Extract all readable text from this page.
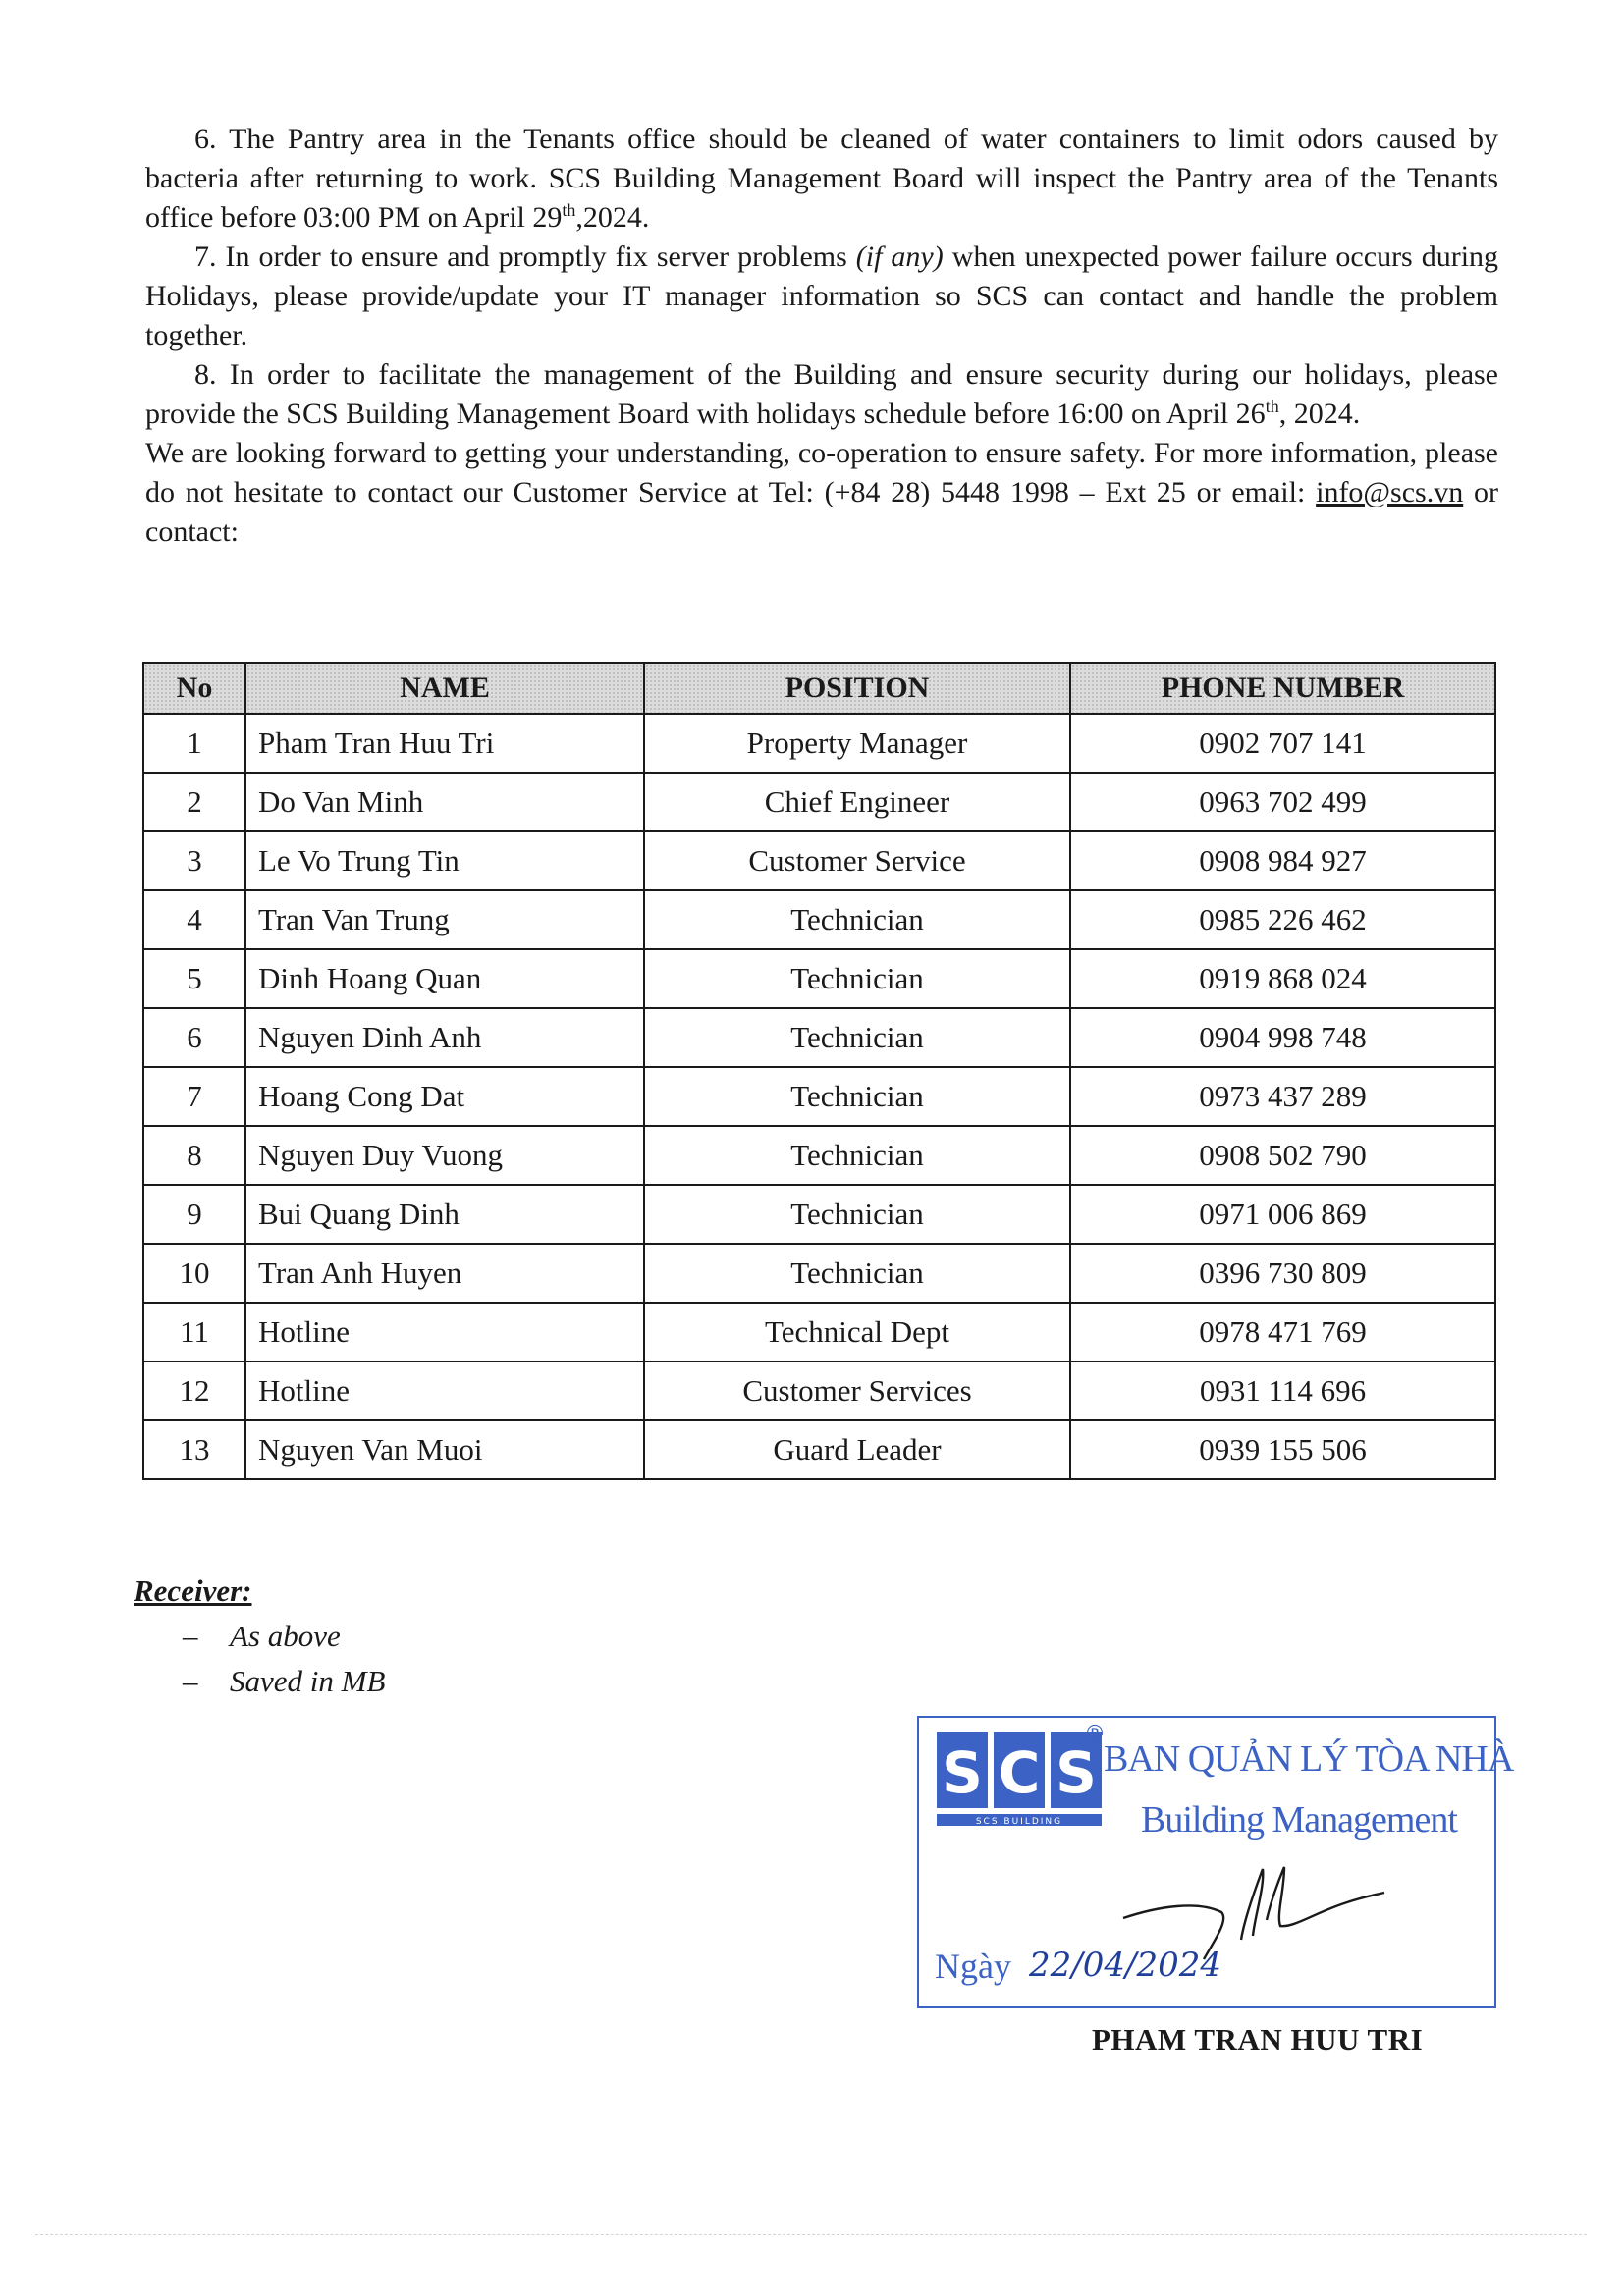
6. The Pantry area in the Tenants office should be cleaned of water containers to limit odors caused by bacteria after returning to work. SCS Building Management Board will inspect the Pantry area of the Tenants office before 03:00 PM on April 29th,2024.

7. In order to ensure and promptly fix server problems (if any) when unexpected power failure occurs during Holidays, please provide/update your IT manager information so SCS can contact and handle the problem together.

8. In order to facilitate the management of the Building and ensure security during our holidays, please provide the SCS Building Management Board with holidays schedule before 16:00 on April 26th, 2024.

We are looking forward to getting your understanding, co-operation to ensure safety. For more information, please do not hesitate to contact our Customer Service at Tel: (+84 28) 5448 1998 – Ext 25 or email: info@scs.vn or contact:

No	NAME	POSITION	PHONE NUMBER
1	Pham Tran Huu Tri	Property Manager	0902 707 141
2	Do Van Minh	Chief Engineer	0963 702 499
3	Le Vo Trung Tin	Customer Service	0908 984 927
4	Tran Van Trung	Technician	0985 226 462
5	Dinh Hoang Quan	Technician	0919 868 024
6	Nguyen Dinh Anh	Technician	0904 998 748
7	Hoang Cong Dat	Technician	0973 437 289
8	Nguyen Duy Vuong	Technician	0908 502 790
9	Bui Quang Dinh	Technician	0971 006 869
10	Tran Anh Huyen	Technician	0396 730 809
11	Hotline	Technical Dept	0978 471 769
12	Hotline	Customer Services	0931 114 696
13	Nguyen Van Muoi	Guard Leader	0939 155 506
Receiver:
– As above
– Saved in MB
S C S
SCS BUILDING
®
BAN QUẢN LÝ TÒA NHÀ
Building Management
Ngày 22/04/2024
PHAM TRAN HUU TRI
